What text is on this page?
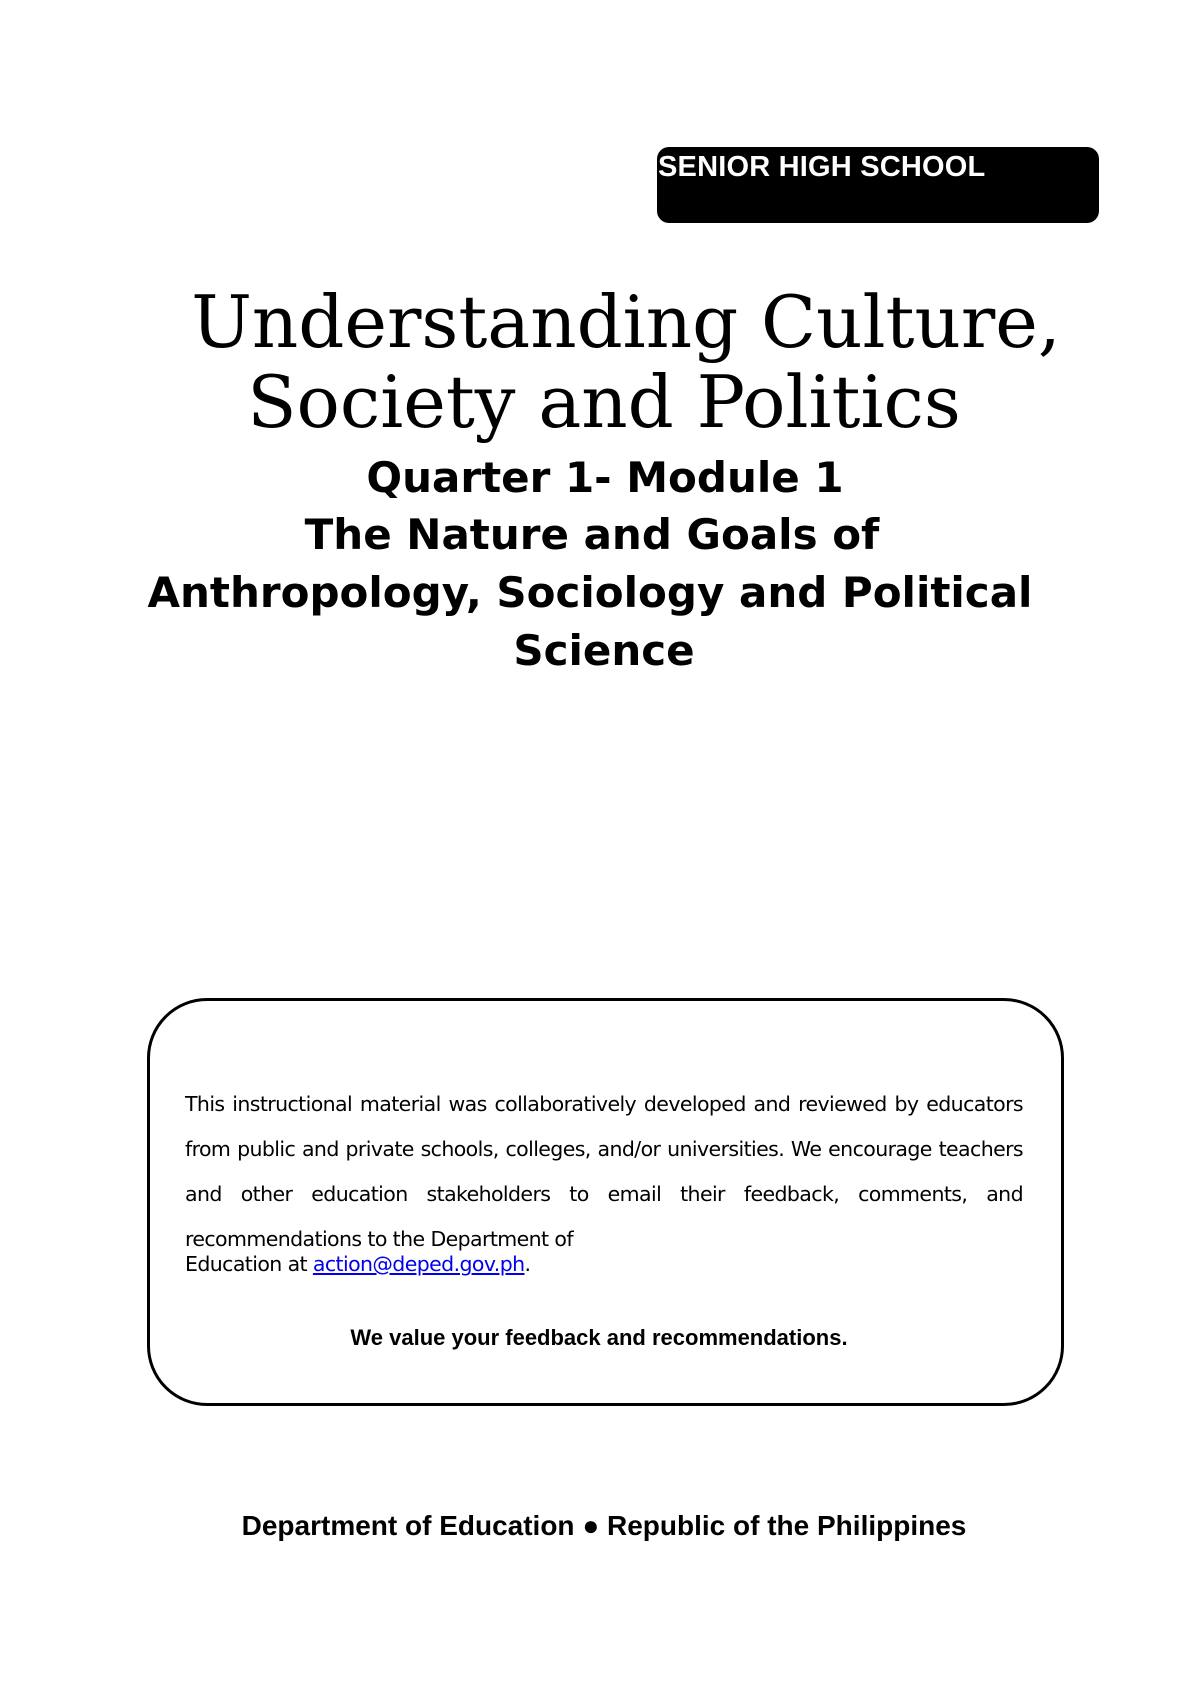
SENIOR HIGH SCHOOL
Understanding Culture,
Society and Politics
Quarter 1- Module 1
The Nature and Goals of
Anthropology, Sociology and Political
Science

This instructional material was collaboratively developed and reviewed by educators from public and private schools, colleges, and/or universities. We encourage teachers and other education stakeholders to email their feedback, comments, and
recommendations to the Department of

Education at action@deped.gov.ph.

We value your feedback and recommendations.

Department of Education ● Republic of the Philippines
